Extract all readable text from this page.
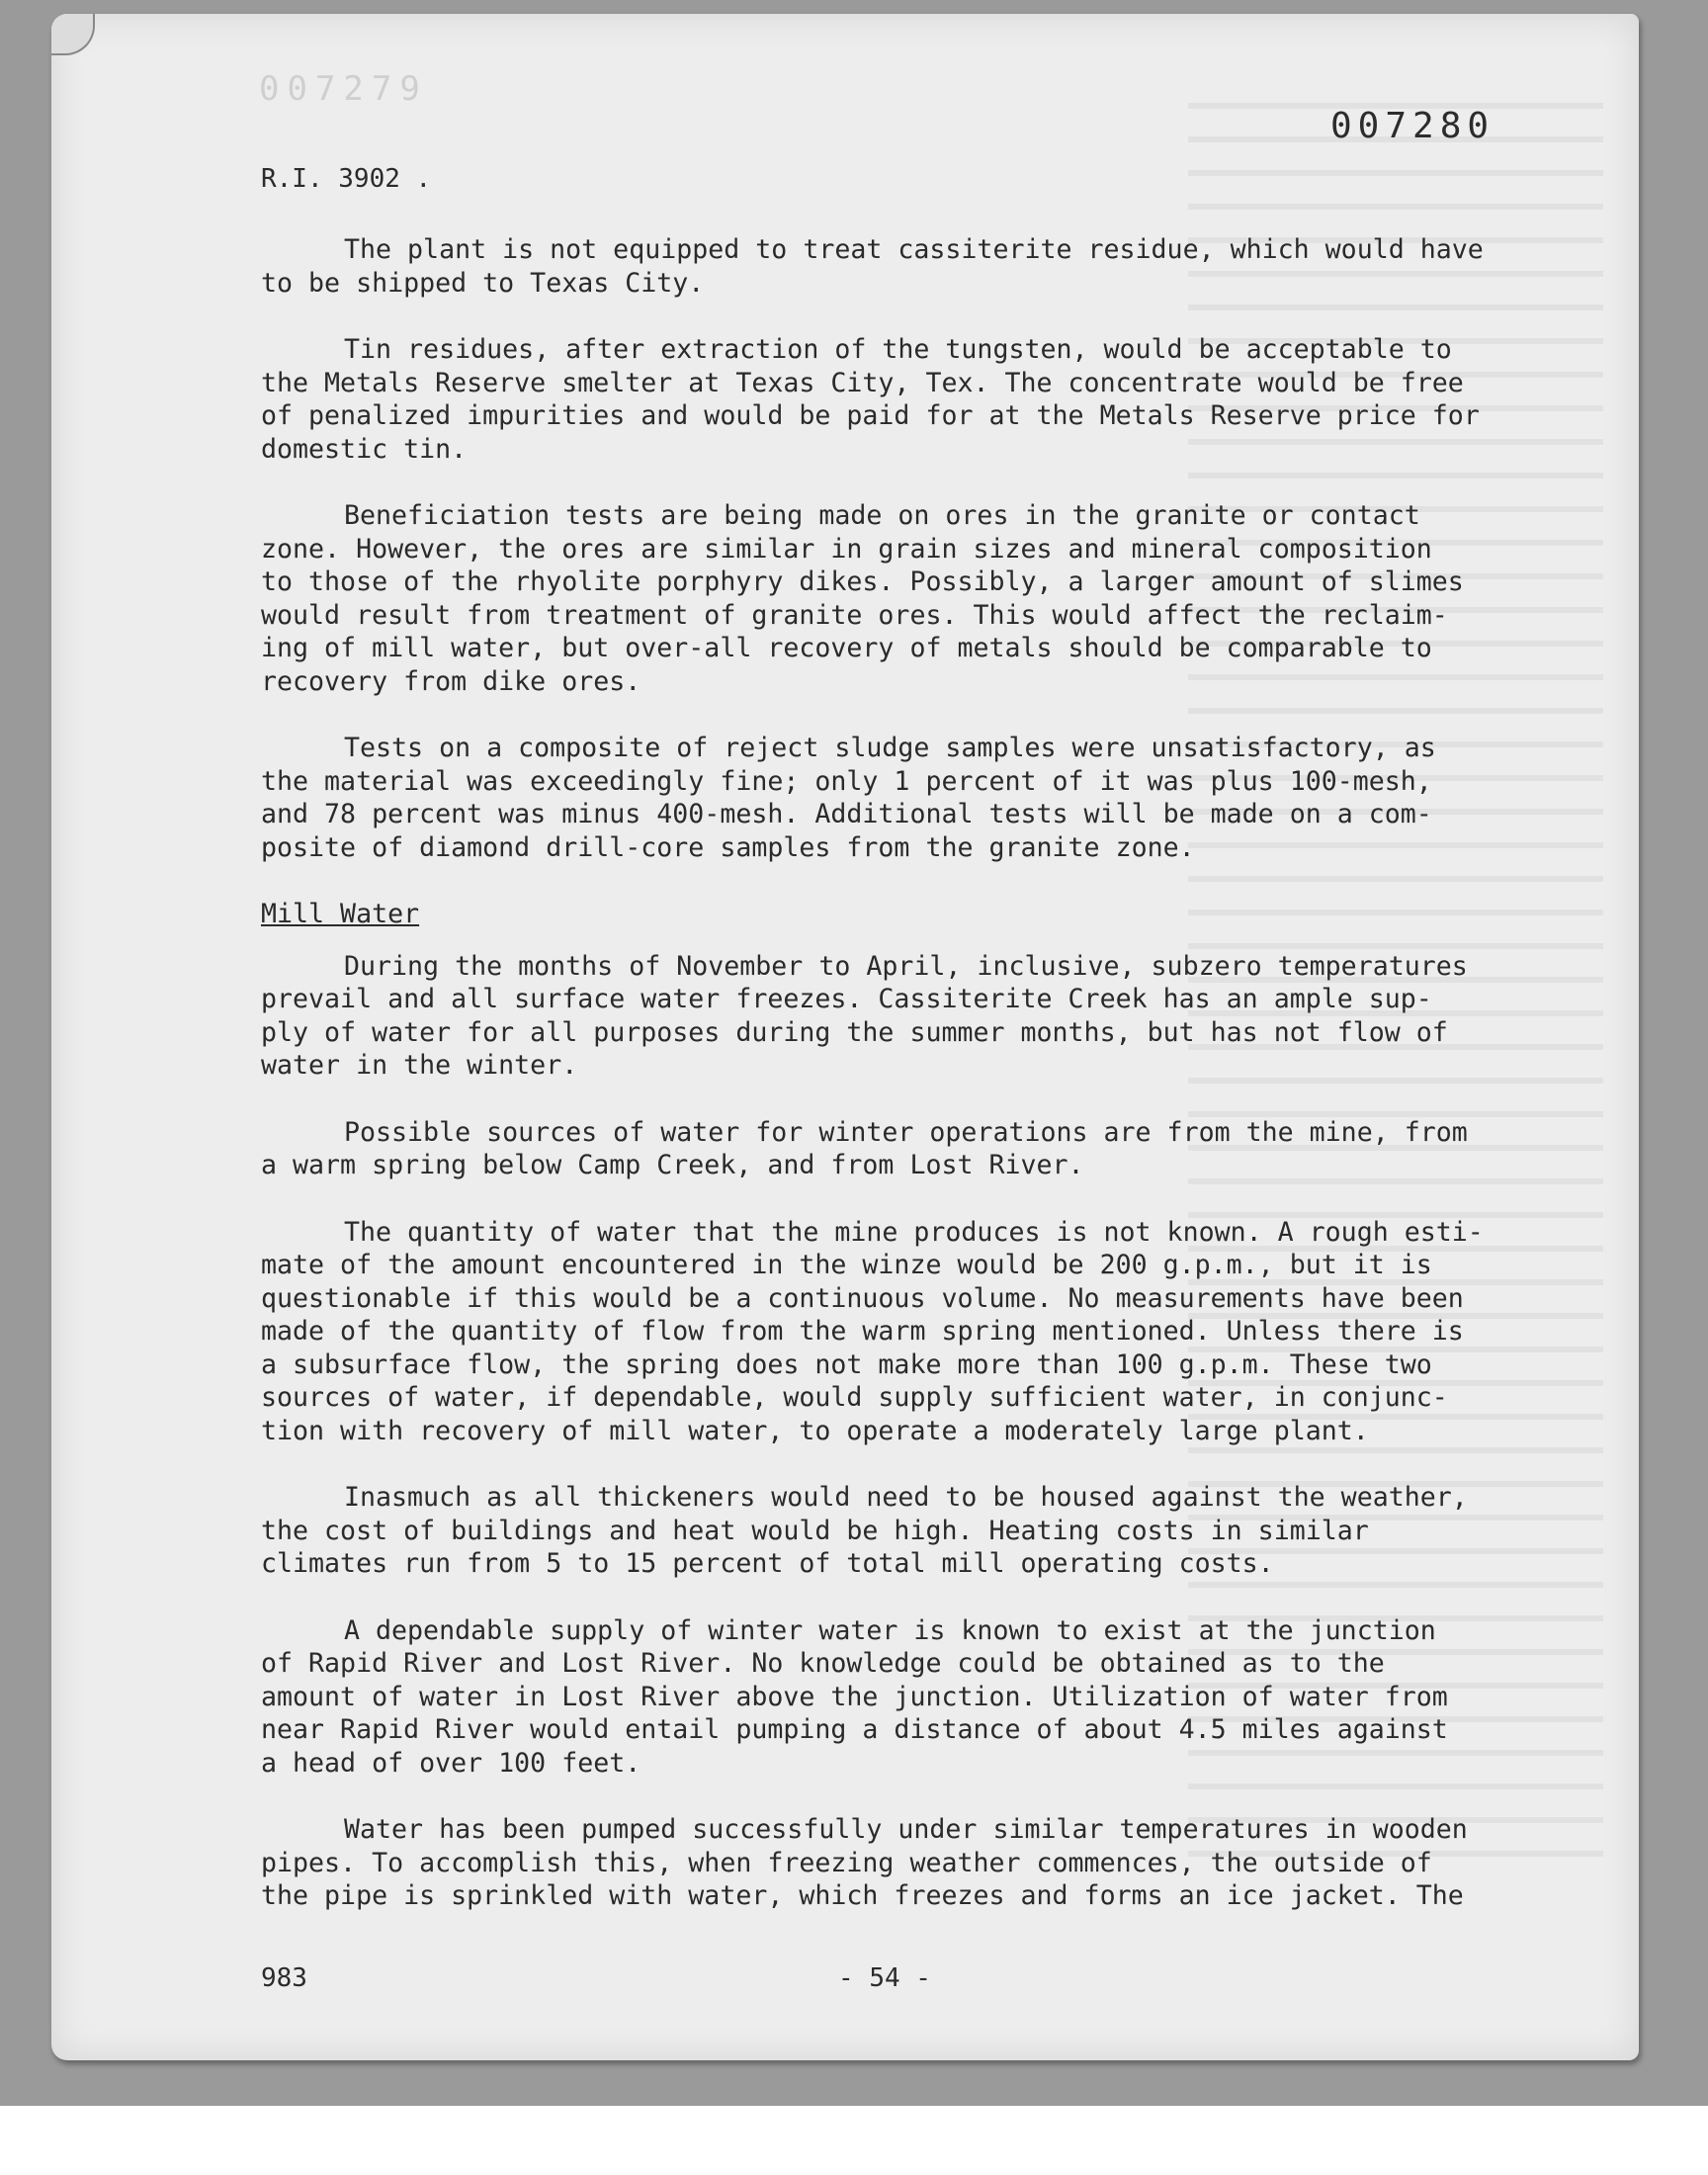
007279
007280
R.I. 3902 .

The plant is not equipped to treat cassiterite residue, which would have
to be shipped to Texas City.

Tin residues, after extraction of the tungsten, would be acceptable to
the Metals Reserve smelter at Texas City, Tex. The concentrate would be free
of penalized impurities and would be paid for at the Metals Reserve price for
domestic tin.

Beneficiation tests are being made on ores in the granite or contact
zone. However, the ores are similar in grain sizes and mineral composition
to those of the rhyolite porphyry dikes. Possibly, a larger amount of slimes
would result from treatment of granite ores. This would affect the reclaim-
ing of mill water, but over-all recovery of metals should be comparable to
recovery from dike ores.

Tests on a composite of reject sludge samples were unsatisfactory, as
the material was exceedingly fine; only 1 percent of it was plus 100-mesh,
and 78 percent was minus 400-mesh. Additional tests will be made on a com-
posite of diamond drill-core samples from the granite zone.

Mill Water

During the months of November to April, inclusive, subzero temperatures
prevail and all surface water freezes. Cassiterite Creek has an ample sup-
ply of water for all purposes during the summer months, but has not flow of
water in the winter.

Possible sources of water for winter operations are from the mine, from
a warm spring below Camp Creek, and from Lost River.

The quantity of water that the mine produces is not known. A rough esti-
mate of the amount encountered in the winze would be 200 g.p.m., but it is
questionable if this would be a continuous volume. No measurements have been
made of the quantity of flow from the warm spring mentioned. Unless there is
a subsurface flow, the spring does not make more than 100 g.p.m. These two
sources of water, if dependable, would supply sufficient water, in conjunc-
tion with recovery of mill water, to operate a moderately large plant.

Inasmuch as all thickeners would need to be housed against the weather,
the cost of buildings and heat would be high. Heating costs in similar
climates run from 5 to 15 percent of total mill operating costs.

A dependable supply of winter water is known to exist at the junction
of Rapid River and Lost River. No knowledge could be obtained as to the
amount of water in Lost River above the junction. Utilization of water from
near Rapid River would entail pumping a distance of about 4.5 miles against
a head of over 100 feet.

Water has been pumped successfully under similar temperatures in wooden
pipes. To accomplish this, when freezing weather commences, the outside of
the pipe is sprinkled with water, which freezes and forms an ice jacket. The

983	- 54 -
